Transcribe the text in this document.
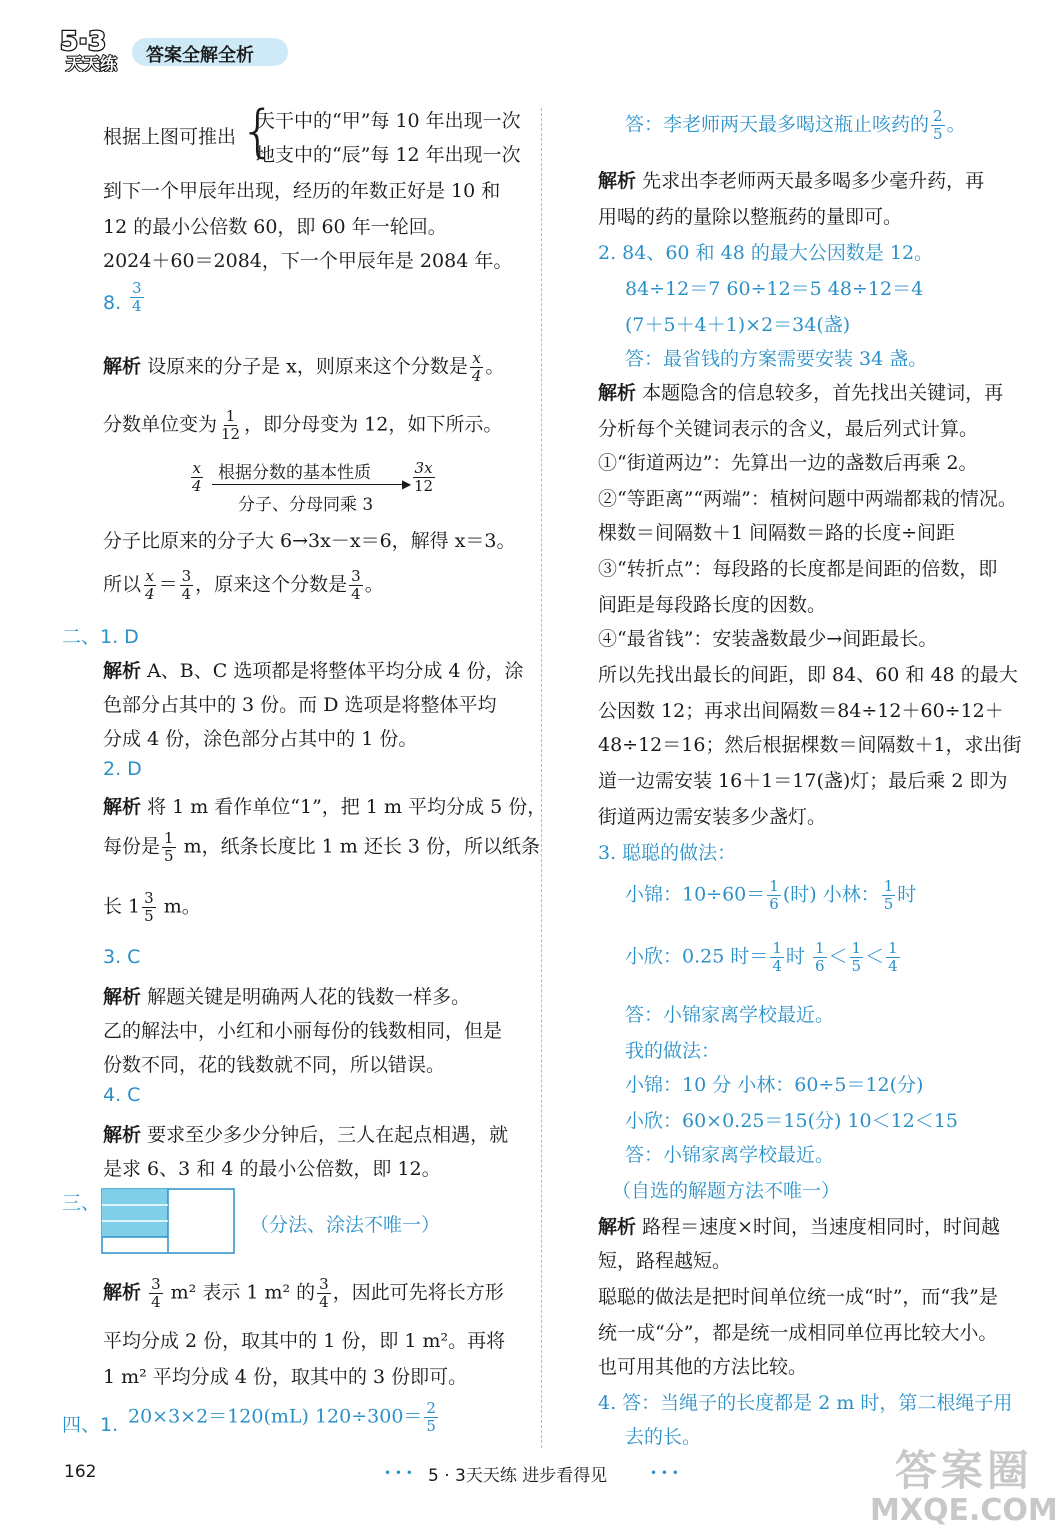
5·3
天天练 答案全解全析
根据上图可推出 {
天干中的“甲”每 10 年出现一次
地支中的“辰”每 12 年出现一次
到下一个甲辰年出现，经历的年数正好是 10 和
12 的最小公倍数 60，即 60 年一轮回。
2024＋60＝2084，下一个甲辰年是 2084 年。
8. $\frac{3}{4}$
解析 设原来的分子是 x，则原来这个分数是 $\frac{x}{4}$ 。
分数单位变为 $\frac{1}{12}$ ，即分母变为 12，如下所示。
$\frac{x}{4}$ 根据分数的基本性质
▶
分子、分母同乘 3
$\frac{3x}{12}$
分子比原来的分子大 6→3x－x＝6，解得 x＝3。
所以 $\frac{x}{4} = \frac{3}{4}$ ，原来这个分数是 $\frac{3}{4}$ 。
二、1. D
解析 A、B、C 选项都是将整体平均分成 4 份，涂
色部分占其中的 3 份。而 D 选项是将整体平均
分成 4 份，涂色部分占其中的 1 份。
2. D
解析 将 1 m 看作单位“1”，把 1 m 平均分成 5 份，
每份是 $\frac{1}{5}$ m，纸条长度比 1 m 还长 3 份，所以纸条
长 $1 \frac{3}{5}$ m。
3. C
解析 解题关键是明确两人花的钱数一样多。
乙的解法中，小红和小丽每份的钱数相同，但是
份数不同，花的钱数就不同，所以错误。
4. C
解析 要求至少多少分钟后，三人在起点相遇，就
是求 6、3 和 4 的最小公倍数，即 12。
三、
（分法、涂法不唯一）
解析 $\frac{3}{4} m^2$ 表示 1 m² 的 $\frac{3}{4}$ ，因此可先将长方形
平均分成 2 份，取其中的 1 份，即 1 m²。再将
1 m² 平均分成 4 份，取其中的 3 份即可。
四、1. 20×3×2＝120(mL) $120\div 300= \frac{2}{5}$
答：李老师两天最多喝这瓶止咳药的 $\frac{2}{5}$ 。
解析 先求出李老师两天最多喝多少毫升药，再
用喝的药的量除以整瓶药的量即可。
2. 84、60 和 48 的最大公因数是 12。
84÷12＝7 60÷12＝5 48÷12＝4
(7＋5＋4＋1)×2＝34(盏)
答：最省钱的方案需要安装 34 盏。
解析 本题隐含的信息较多，首先找出关键词，再
分析每个关键词表示的含义，最后列式计算。
①“街道两边”：先算出一边的盏数后再乘 2。
②“等距离”“两端”：植树问题中两端都栽的情况。
棵数＝间隔数＋1 间隔数＝路的长度÷间距
③“转折点”：每段路的长度都是间距的倍数，即
间距是每段路长度的因数。
④“最省钱”：安装盏数最少→间距最长。
所以先找出最长的间距，即 84、60 和 48 的最大
公因数 12；再求出间隔数＝84÷12＋60÷12＋
48÷12＝16；然后根据棵数＝间隔数＋1，求出街
道一边需安装 16＋1＝17(盏)灯；最后乘 2 即为
街道两边需安装多少盏灯。
3. 聪聪的做法：
小锦：$10\div 60= \frac{1}{6}$ (时) 小林： $\frac{1}{5}$ 时
小欣：0.25 时＝ $\frac{1}{4}$ 时 $\frac{1}{6} < \frac{1}{5} < \frac{1}{4}$
答：小锦家离学校最近。
我的做法：
小锦：10 分 小林：60÷5＝12(分)
小欣：60×0.25＝15(分) 10＜12＜15
答：小锦家离学校最近。
（自选的解题方法不唯一）
解析 路程＝速度×时间，当速度相同时，时间越
短，路程越短。
聪聪的做法是把时间单位统一成“时”，而“我”是
统一成“分”，都是统一成相同单位再比较大小。
也可用其他的方法比较。
4. 答：当绳子的长度都是 2 m 时，第二根绳子用
去的长。
162	• • • 5 · 3天天练 进步看得见	• • •	答案圈
MXQE.COM
